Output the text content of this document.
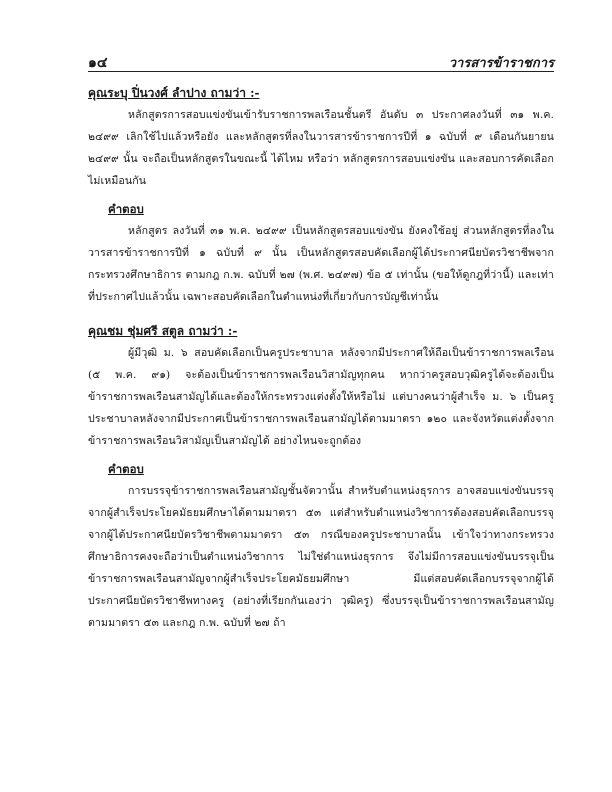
๑๔	วารสารข้าราชการ

คุณระบุ ปิ่นวงศ์ ลำปาง ถามว่า :-

หลักสูตรการสอบแข่งขันเข้ารับราชการพลเรือนชั้นตรี อันดับ ๓ ประกาศลงวันที่ ๓๑ พ.ค. ๒๔๙๙ เลิกใช้ไปแล้วหรือยัง และหลักสูตรที่ลงในวารสารข้าราชการปีที่ ๑ ฉบับที่ ๙ เดือนกันยายน ๒๔๙๙ นั้น จะถือเป็นหลักสูตรในขณะนี้ ได้ไหม หรือว่า หลักสูตรการสอบแข่งขัน และสอบการคัดเลือกไม่เหมือนกัน

คำตอบ

หลักสูตร ลงวันที่ ๓๑ พ.ค. ๒๔๙๙ เป็นหลักสูตรสอบแข่งขัน ยังคงใช้อยู่ ส่วนหลักสูตรที่ลงในวารสารข้าราชการปีที่ ๑ ฉบับที่ ๙ นั้น เป็นหลักสูตรสอบคัดเลือกผู้ได้ประกาศนียบัตรวิชาชีพจากกระทรวงศึกษาธิการ ตามกฎ ก.พ. ฉบับที่ ๒๗ (พ.ศ. ๒๔๙๗) ข้อ ๕ เท่านั้น (ขอให้ดูกฎที่ว่านี้) และเท่าที่ประกาศไปแล้วนั้น เฉพาะสอบคัดเลือกในตำแหน่งที่เกี่ยวกับการบัญชีเท่านั้น

คุณชม ชุ่มศรี สตูล ถามว่า :-

ผู้มีวุฒิ ม. ๖ สอบคัดเลือกเป็นครูประชาบาล หลังจากมีประกาศให้ถือเป็นข้าราชการพลเรือน (๕ พ.ค. ๙๑) จะต้องเป็นข้าราชการพลเรือนวิสามัญทุกคน หากว่าครูสอบวุฒิครูได้จะต้องเป็นข้าราชการพลเรือนสามัญได้และต้องให้กระทรวงแต่งตั้งให้หรือไม่ แต่บางคนว่าผู้สำเร็จ ม. ๖ เป็นครูประชาบาลหลังจากมีประกาศเป็นข้าราชการพลเรือนสามัญได้ตามมาตรา ๑๒๐ และจังหวัดแต่งตั้งจากข้าราชการพลเรือนวิสามัญเป็นสามัญได้ อย่างไหนจะถูกต้อง

คำตอบ

การบรรจุข้าราชการพลเรือนสามัญชั้นจัตวานั้น สำหรับตำแหน่งธุรการ อาจสอบแข่งขันบรรจุจากผู้สำเร็จประโยคมัธยมศึกษาได้ตามมาตรา ๕๓ แต่สำหรับตำแหน่งวิชาการต้องสอบคัดเลือกบรรจุจากผู้ได้ประกาศนียบัตรวิชาชีพตามมาตรา ๕๓ กรณีของครูประชาบาลนั้น เข้าใจว่าทางกระทรวงศึกษาธิการคงจะถือว่าเป็นตำแหน่งวิชาการ ไม่ใช่ตำแหน่งธุรการ จึงไม่มีการสอบแข่งขันบรรจุเป็นข้าราชการพลเรือนสามัญจากผู้สำเร็จประโยคมัธยมศึกษา มีแต่สอบคัดเลือกบรรจุจากผู้ได้ประกาศนียบัตรวิชาชีพทางครู (อย่างที่เรียกกันเองว่า วุฒิครู) ซึ่งบรรจุเป็นข้าราชการพลเรือนสามัญตามมาตรา ๕๓ และกฎ ก.พ. ฉบับที่ ๒๗ ถ้า
